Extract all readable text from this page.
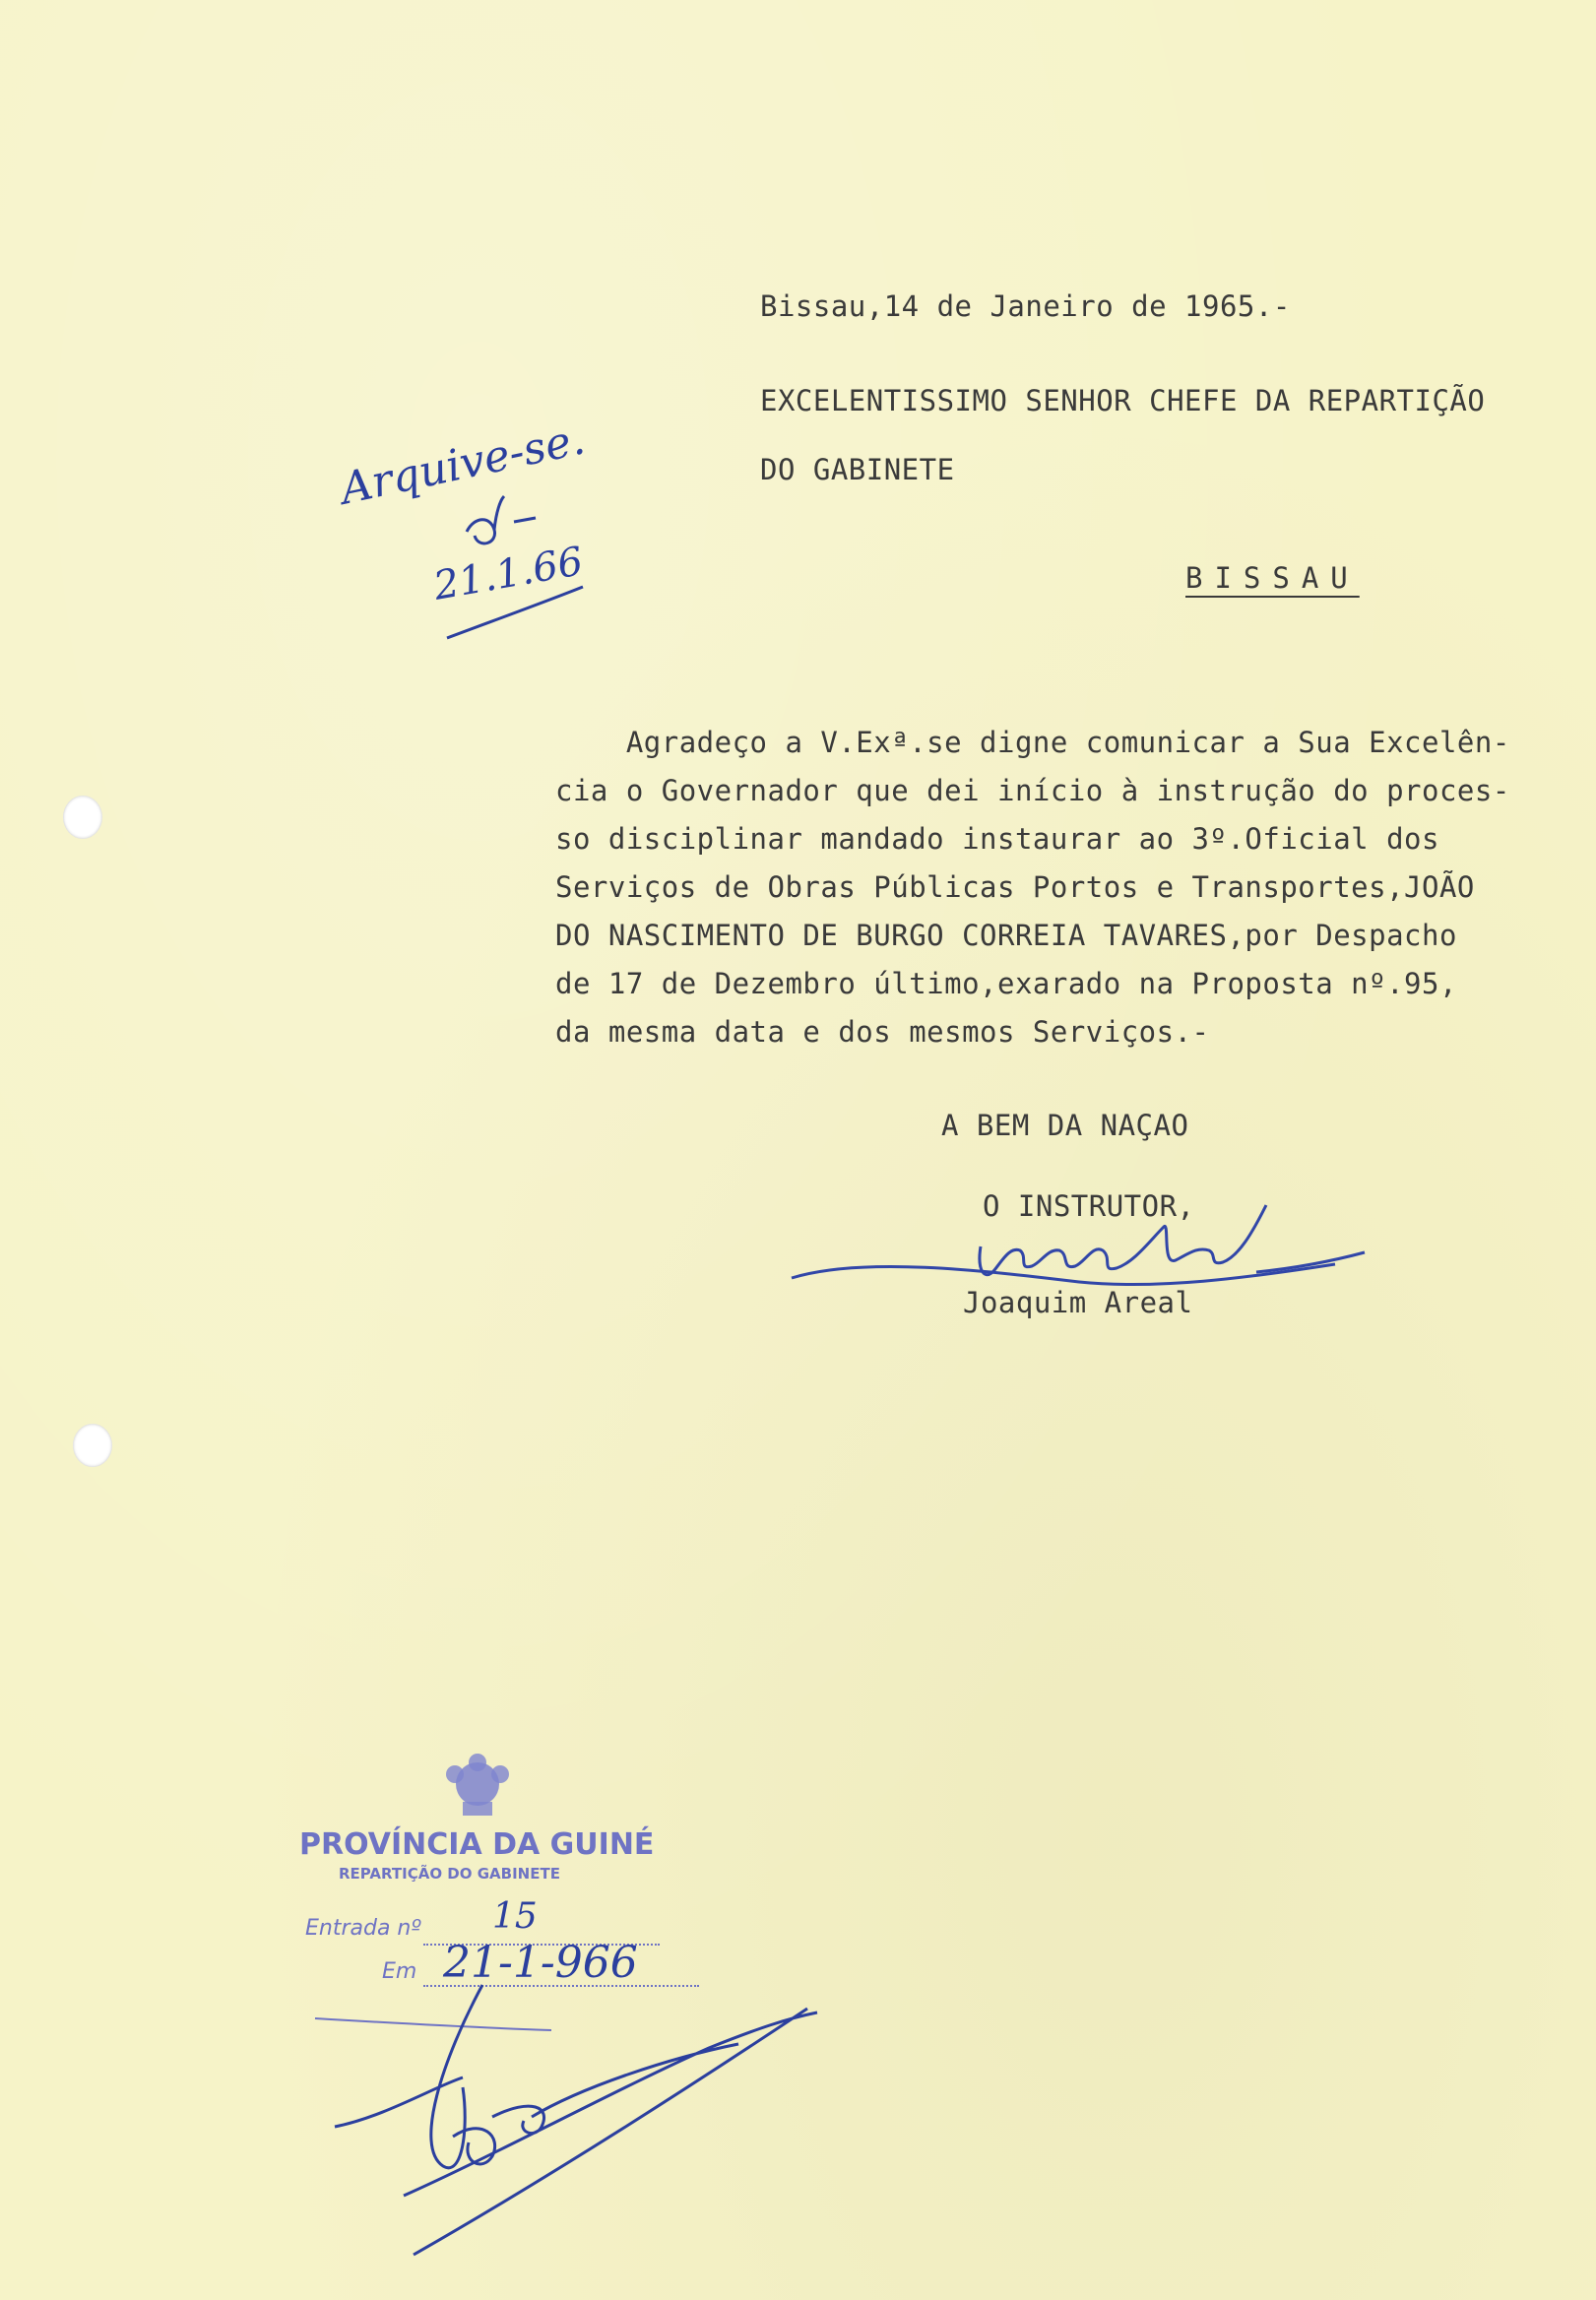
Bissau,14 de Janeiro de 1965.-
EXCELENTISSIMO SENHOR CHEFE DA REPARTIÇÃO
DO GABINETE
BISSAU
Agradeço a V.Exª.se digne comunicar a Sua Excelên-
cia o Governador que dei início à instrução do proces-
so disciplinar mandado instaurar ao 3º.Oficial dos
Serviços de Obras Públicas Portos e Transportes,JOÃO
DO NASCIMENTO DE BURGO CORREIA TAVARES,por Despacho
de 17 de Dezembro último,exarado na Proposta nº.95,
da mesma data e dos mesmos Serviços.-
A BEM DA NAÇAO
O INSTRUTOR,
Joaquim Areal
Arquive-se.
21.1.66
PROVÍNCIA DA GUINÉ
REPARTIÇÃO DO GABINETE
Entrada nº 15
Em 21-1-966
